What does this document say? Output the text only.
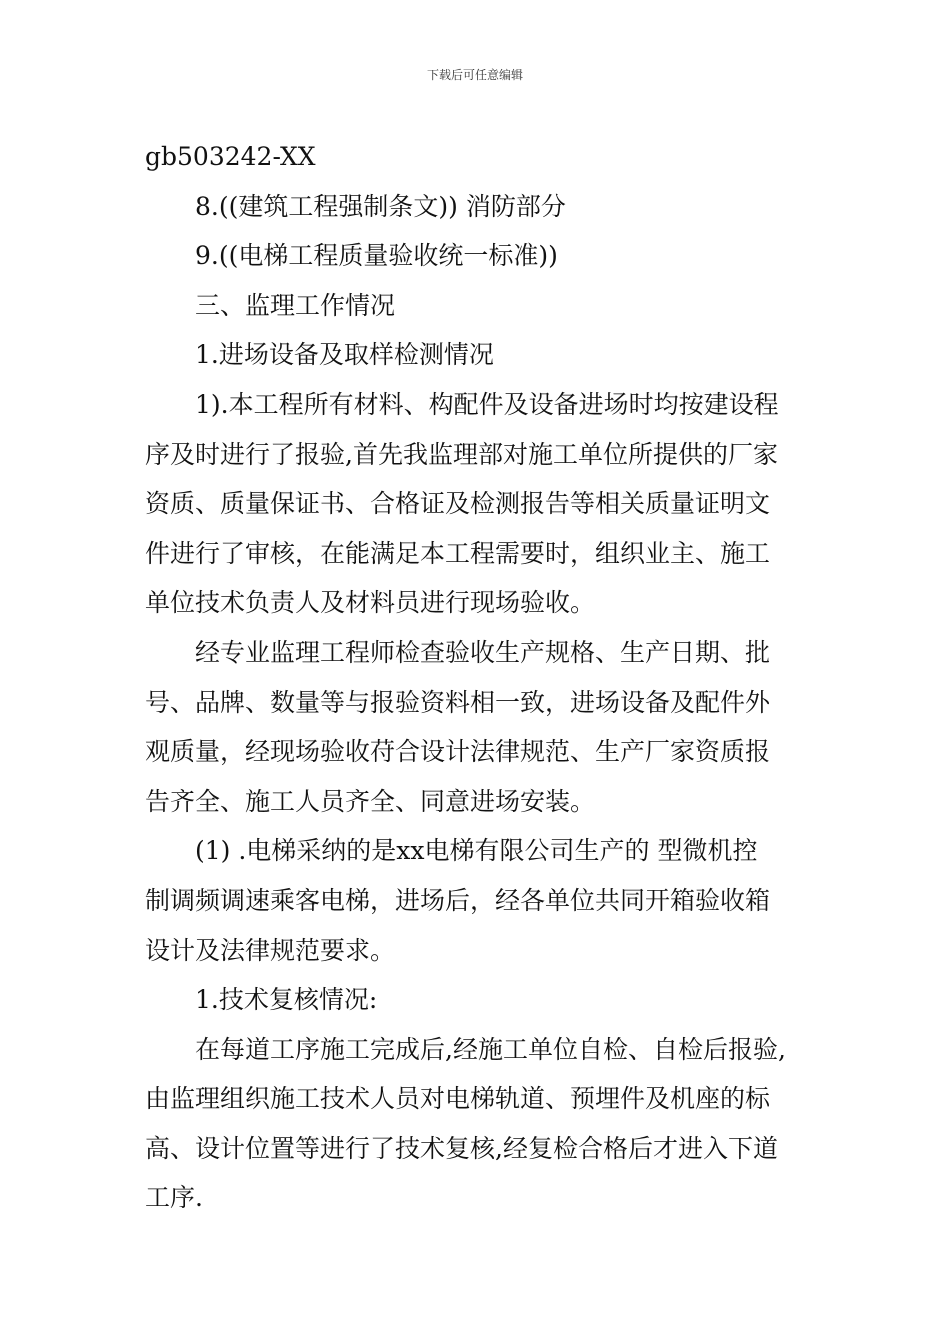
下载后可任意编辑

gb503242-XX

8.((建筑工程强制条文)) 消防部分

9.((电梯工程质量验收统一标准))

三、监理工作情况

1.进场设备及取样检测情况

1).本工程所有材料、构配件及设备进场时均按建设程

序及时进行了报验,首先我监理部对施工单位所提供的厂家

资质、质量保证书、合格证及检测报告等相关质量证明文

件进行了审核，在能满足本工程需要时，组织业主、施工

单位技术负责人及材料员进行现场验收。

经专业监理工程师检查验收生产规格、生产日期、批

号、品牌、数量等与报验资料相一致，进场设备及配件外

观质量，经现场验收苻合设计法律规范、生产厂家资质报

告齐全、施工人员齐全、同意进场安装。

(1) .电梯采纳的是xx电梯有限公司生产的 型微机控

制调频调速乘客电梯，进场后，经各单位共同开箱验收箱

设计及法律规范要求。

1.技术复核情况:

在每道工序施工完成后,经施工单位自检、自检后报验,

由监理组织施工技术人员对电梯轨道、预埋件及机座的标

高、设计位置等进行了技术复核,经复检合格后才进入下道

工序.
